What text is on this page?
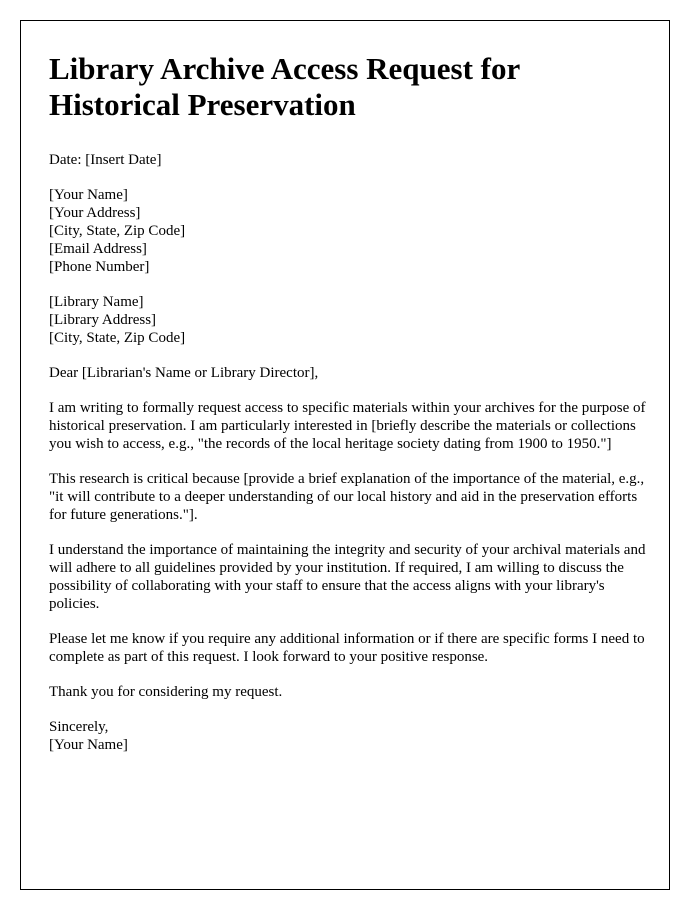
Library Archive Access Request for Historical Preservation

Date: [Insert Date]

[Your Name]
[Your Address]
[City, State, Zip Code]
[Email Address]
[Phone Number]

[Library Name]
[Library Address]
[City, State, Zip Code]

Dear [Librarian's Name or Library Director],

I am writing to formally request access to specific materials within your archives for the purpose of historical preservation. I am particularly interested in [briefly describe the materials or collections you wish to access, e.g., "the records of the local heritage society dating from 1900 to 1950."]

This research is critical because [provide a brief explanation of the importance of the material, e.g., "it will contribute to a deeper understanding of our local history and aid in the preservation efforts for future generations."].

I understand the importance of maintaining the integrity and security of your archival materials and will adhere to all guidelines provided by your institution. If required, I am willing to discuss the possibility of collaborating with your staff to ensure that the access aligns with your library's policies.

Please let me know if you require any additional information or if there are specific forms I need to complete as part of this request. I look forward to your positive response.

Thank you for considering my request.

Sincerely,
[Your Name]
